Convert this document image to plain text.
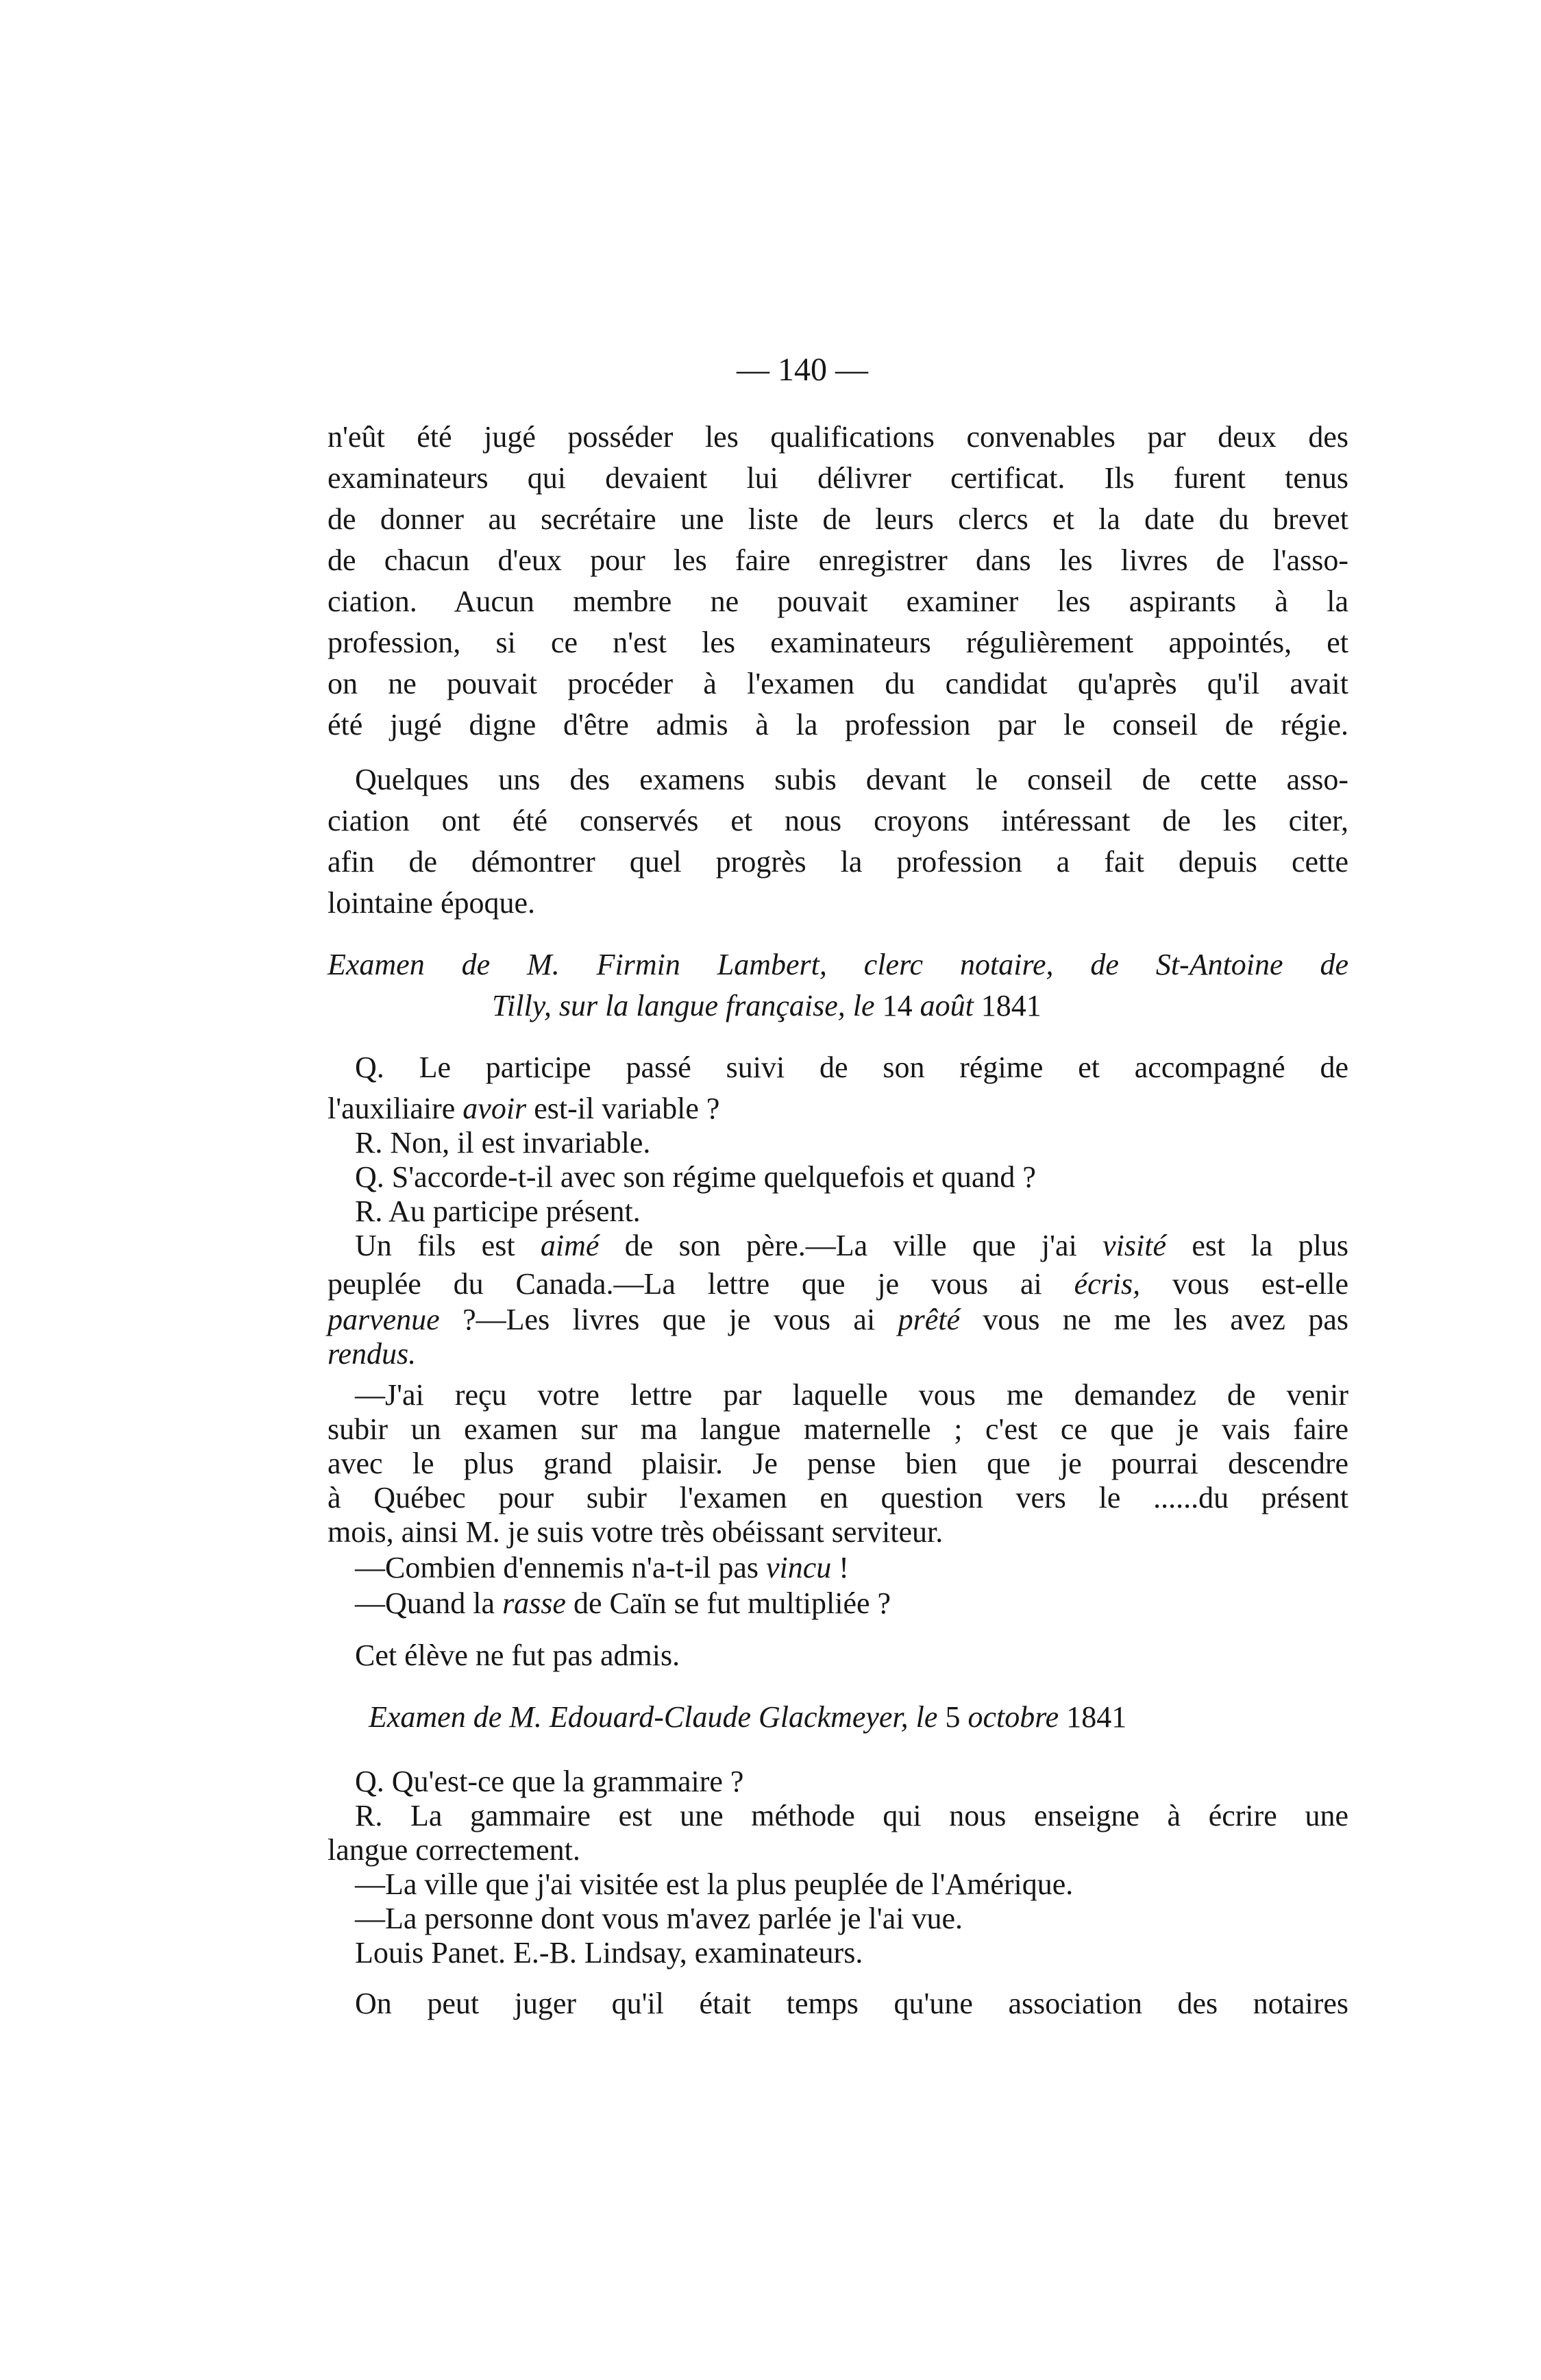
— 140 —
n'eût été jugé posséder les qualifications convenables par deux des
examinateurs qui devaient lui délivrer certificat. Ils furent tenus
de donner au secrétaire une liste de leurs clercs et la date du brevet
de chacun d'eux pour les faire enregistrer dans les livres de l'asso-
ciation. Aucun membre ne pouvait examiner les aspirants à la
profession, si ce n'est les examinateurs régulièrement appointés, et
on ne pouvait procéder à l'examen du candidat qu'après qu'il avait
été jugé digne d'être admis à la profession par le conseil de régie.
Quelques uns des examens subis devant le conseil de cette asso-
ciation ont été conservés et nous croyons intéressant de les citer,
afin de démontrer quel progrès la profession a fait depuis cette
lointaine époque.
Examen de M. Firmin Lambert, clerc notaire, de St-Antoine de
Tilly, sur la langue française, le 14 août 1841
Q. Le participe passé suivi de son régime et accompagné de
l'auxiliaire avoir est-il variable ?
R. Non, il est invariable.
Q. S'accorde-t-il avec son régime quelquefois et quand ?
R. Au participe présent.
Un fils est aimé de son père.—La ville que j'ai visité est la plus
peuplée du Canada.—La lettre que je vous ai écris, vous est-elle
parvenue ?—Les livres que je vous ai prêté vous ne me les avez pas
rendus.
—J'ai reçu votre lettre par laquelle vous me demandez de venir
subir un examen sur ma langue maternelle ; c'est ce que je vais faire
avec le plus grand plaisir. Je pense bien que je pourrai descendre
à Québec pour subir l'examen en question vers le ......du présent
mois, ainsi M. je suis votre très obéissant serviteur.
—Combien d'ennemis n'a-t-il pas vincu !
—Quand la rasse de Caïn se fut multipliée ?
Cet élève ne fut pas admis.
Examen de M. Edouard-Claude Glackmeyer, le 5 octobre 1841
Q. Qu'est-ce que la grammaire ?
R. La gammaire est une méthode qui nous enseigne à écrire une
langue correctement.
—La ville que j'ai visitée est la plus peuplée de l'Amérique.
—La personne dont vous m'avez parlée je l'ai vue.
Louis Panet. E.-B. Lindsay, examinateurs.
On peut juger qu'il était temps qu'une association des notaires
